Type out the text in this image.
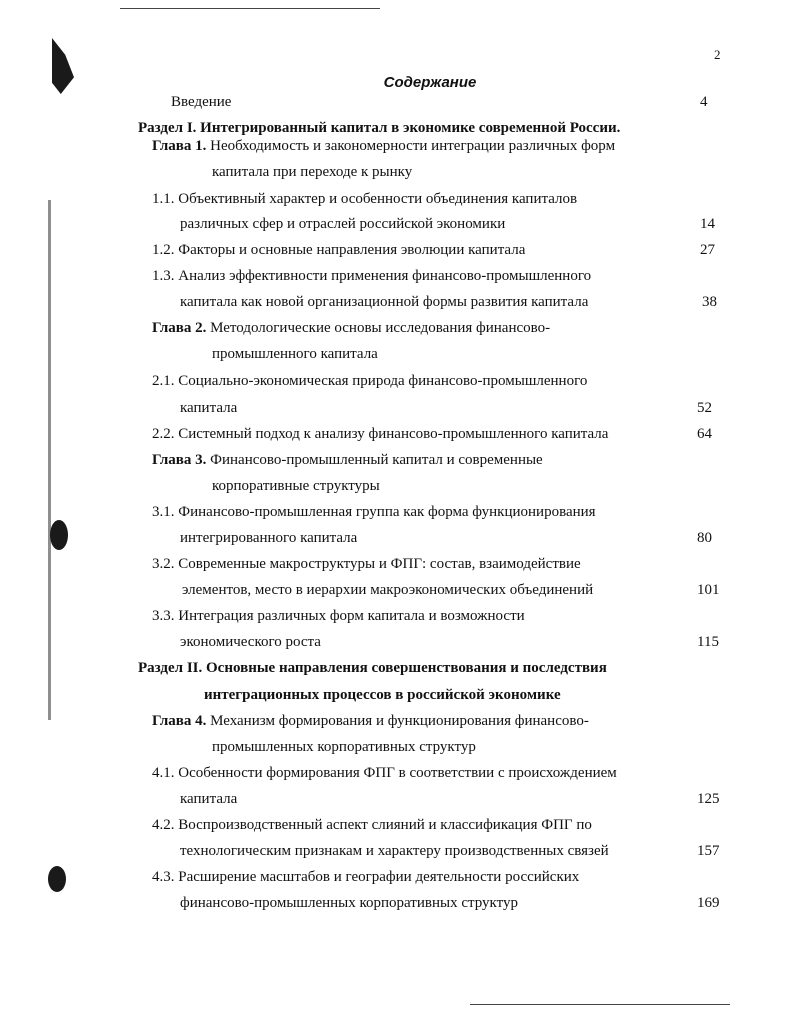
2
Содержание
Введение	4
Раздел I. Интегрированный капитал в экономике современной России.
Глава 1. Необходимость и закономерности интеграции различных форм
капитала при переходе к рынку
1.1. Объективный характер и особенности объединения капиталов
различных сфер и отраслей российской экономики	14
1.2. Факторы и основные направления эволюции капитала	27
1.3. Анализ эффективности применения финансово-промышленного
капитала как новой организационной формы развития капитала	38
Глава 2. Методологические основы исследования финансово-
промышленного капитала
2.1. Социально-экономическая природа финансово-промышленного
капитала	52
2.2. Системный подход к анализу финансово-промышленного капитала	64
Глава 3. Финансово-промышленный капитал и современные
корпоративные структуры
3.1. Финансово-промышленная группа как форма функционирования
интегрированного капитала	80
3.2. Современные макроструктуры и ФПГ: состав, взаимодействие
элементов, место в иерархии макроэкономических объединений	101
3.3. Интеграция различных форм капитала и возможности
экономического роста	115
Раздел II. Основные направления совершенствования и последствия
интеграционных процессов в российской экономике
Глава 4. Механизм формирования и функционирования финансово-
промышленных корпоративных структур
4.1. Особенности формирования ФПГ в соответствии с происхождением
капитала	125
4.2. Воспроизводственный аспект слияний и классификация ФПГ по
технологическим признакам и характеру производственных связей	157
4.3. Расширение масштабов и географии деятельности российских
финансово-промышленных корпоративных структур	169
